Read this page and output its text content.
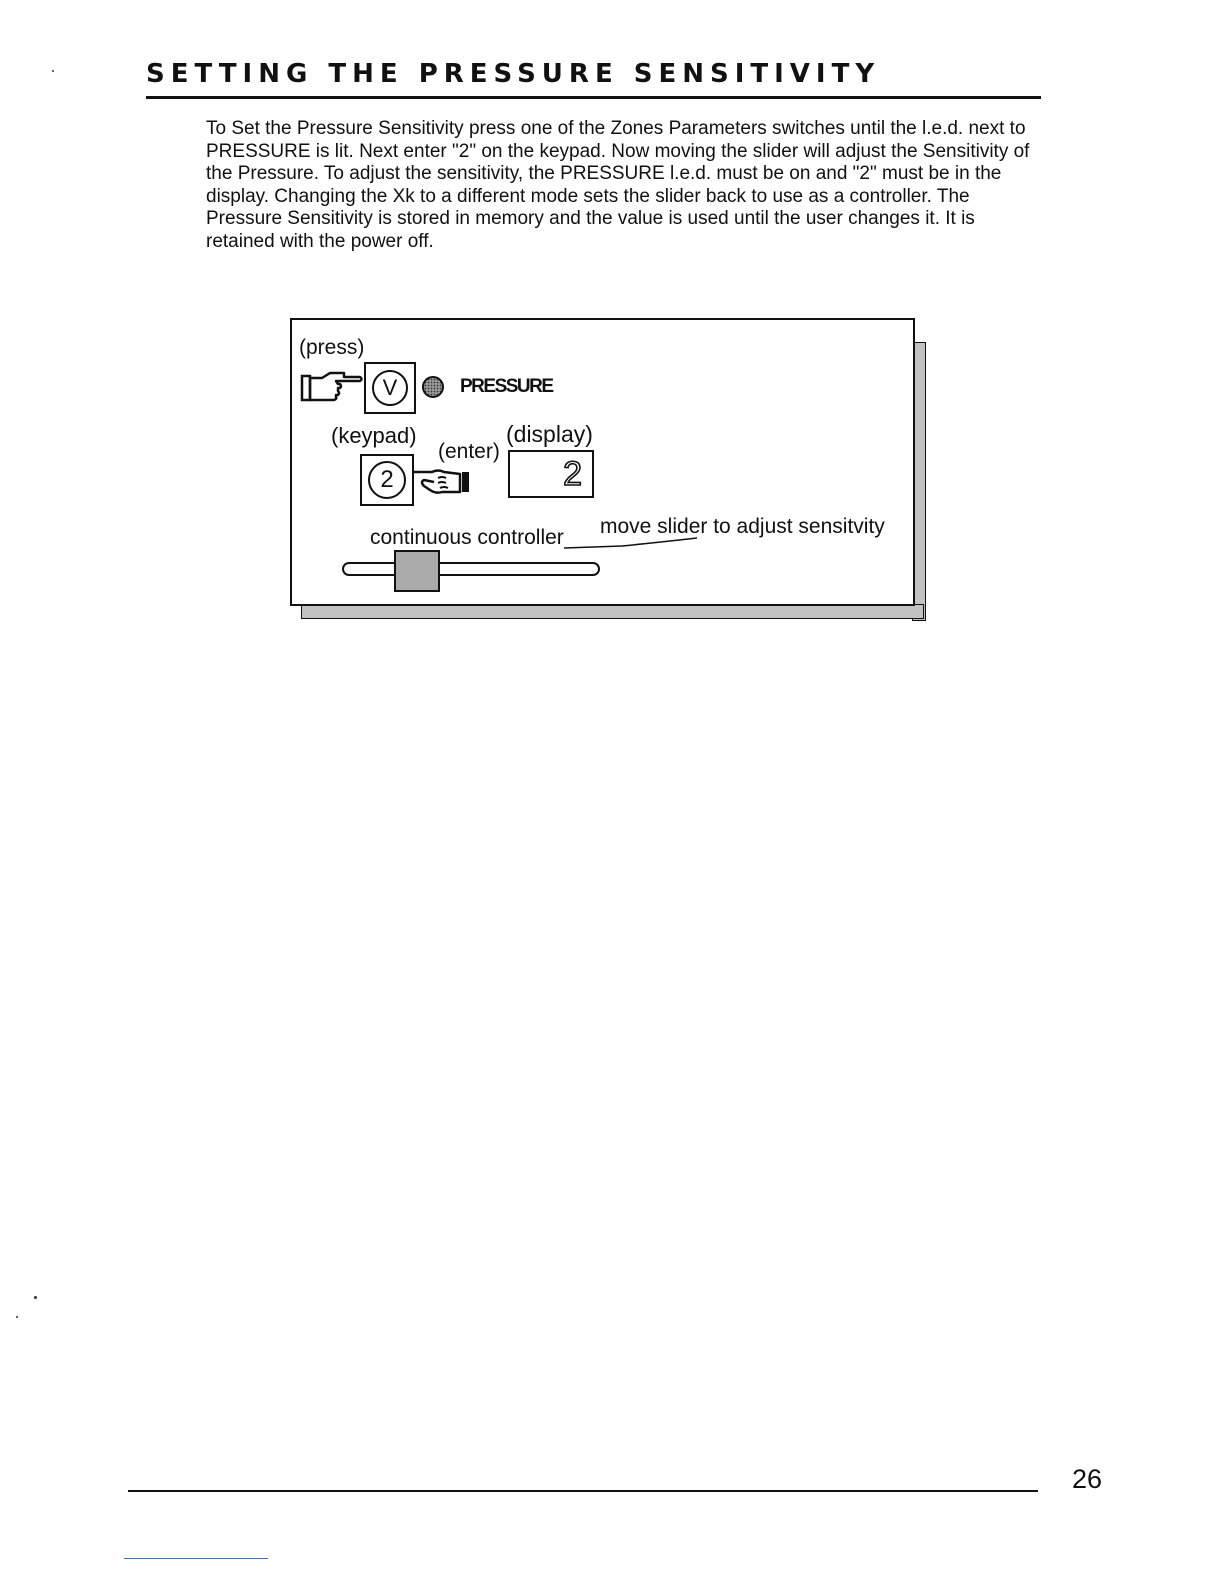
SETTING THE PRESSURE SENSITIVITY
To Set the Pressure Sensitivity press one of the Zones Parameters switches until the l.e.d. next to
PRESSURE is lit. Next enter "2" on the keypad. Now moving the slider will adjust the Sensitivity of
the Pressure. To adjust the sensitivity, the PRESSURE l.e.d. must be on and "2" must be in the
display. Changing the Xk to a different mode sets the slider back to use as a controller. The
Pressure Sensitivity is stored in memory and the value is used until the user changes it. It is
retained with the power off.
(press)
V	PRESSURE
(keypad)
(enter)
(display)
2	2
continuous controller move slider to adjust sensitvity
26
